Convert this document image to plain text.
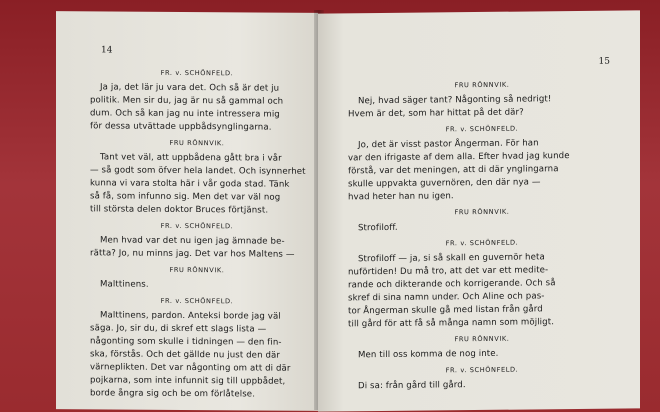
14
FR. v. SCHÖNFELD.
Ja ja, det lär ju vara det. Och så är det ju
politik. Men sir du, jag är nu så gammal och
dum. Och så kan jag nu inte intressera mig
för dessa utvättade uppbådsynglingarna.
FRU RÖNNVIK.
Tant vet väl, att uppbådena gått bra i vår
— så godt som öfver hela landet. Och isynnerhet
kunna vi vara stolta här i vår goda stad. Tänk
så få, som infunno sig. Men det var väl nog
till största delen doktor Bruces förtjänst.
FR. v. SCHÖNFELD.
Men hvad var det nu igen jag ämnade be-
rätta? Jo, nu minns jag. Det var hos Maltens —
FRU RÖNNVIK.
Malttinens.
FR. v. SCHÖNFELD.
Malttinens, pardon. Anteksi borde jag väl
säga. Jo, sir du, di skref ett slags lista —
någonting som skulle i tidningen — den fin-
ska, förstås. Och det gällde nu just den där
värneplikten. Det var någonting om att di där
pojkarna, som inte infunnit sig till uppbådet,
borde ångra sig och be om förlåtelse.
15
FRU RÖNNVIK.
Nej, hvad säger tant? Någonting så nedrigt!
Hvem är det, som har hittat på det där?
FR. v. SCHÖNFELD.
Jo, det är visst pastor Ångerman. För han
var den ifrigaste af dem alla. Efter hvad jag kunde
förstå, var det meningen, att di där ynglingarna
skulle uppvakta guvernören, den där nya —
hvad heter han nu igen.
FRU RÖNNVIK.
Strofiloff.
FR. v. SCHÖNFELD.
Strofiloff — ja, si så skall en guvernör heta
nuförtiden! Du må tro, att det var ett medite-
rande och dikterande och korrigerande. Och så
skref di sina namn under. Och Aline och pas-
tor Ångerman skulle gå med listan från gård
till gård för att få så många namn som möjligt.
FRU RÖNNVIK.
Men till oss komma de nog inte.
FR. v. SCHÖNFELD.
Di sa: från gård till gård.
